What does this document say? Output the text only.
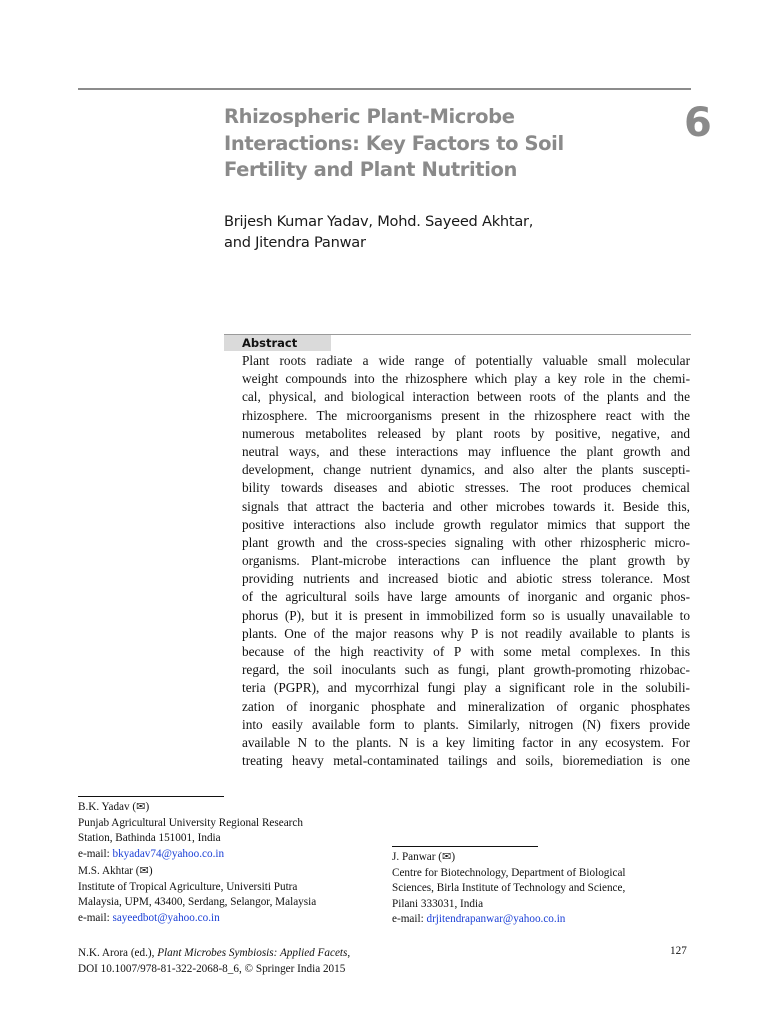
Rhizospheric Plant-Microbe
Interactions: Key Factors to Soil
Fertility and Plant Nutrition
6
Brijesh Kumar Yadav, Mohd. Sayeed Akhtar,
and Jitendra Panwar
Abstract
Plant roots radiate a wide range of potentially valuable small molecular
weight compounds into the rhizosphere which play a key role in the chemi-
cal, physical, and biological interaction between roots of the plants and the
rhizosphere. The microorganisms present in the rhizosphere react with the
numerous metabolites released by plant roots by positive, negative, and
neutral ways, and these interactions may influence the plant growth and
development, change nutrient dynamics, and also alter the plants suscepti-
bility towards diseases and abiotic stresses. The root produces chemical
signals that attract the bacteria and other microbes towards it. Beside this,
positive interactions also include growth regulator mimics that support the
plant growth and the cross-species signaling with other rhizospheric micro-
organisms. Plant-microbe interactions can influence the plant growth by
providing nutrients and increased biotic and abiotic stress tolerance. Most
of the agricultural soils have large amounts of inorganic and organic phos-
phorus (P), but it is present in immobilized form so is usually unavailable to
plants. One of the major reasons why P is not readily available to plants is
because of the high reactivity of P with some metal complexes. In this
regard, the soil inoculants such as fungi, plant growth-promoting rhizobac-
teria (PGPR), and mycorrhizal fungi play a significant role in the solubili-
zation of inorganic phosphate and mineralization of organic phosphates
into easily available form to plants. Similarly, nitrogen (N) fixers provide
available N to the plants. N is a key limiting factor in any ecosystem. For
treating heavy metal-contaminated tailings and soils, bioremediation is one

B.K. Yadav (✉)

Punjab Agricultural University Regional Research

Station, Bathinda 151001, India

e-mail: bkyadav74@yahoo.co.in

M.S. Akhtar (✉)

Institute of Tropical Agriculture, Universiti Putra

Malaysia, UPM, 43400, Serdang, Selangor, Malaysia

e-mail: sayeedbot@yahoo.co.in

J. Panwar (✉)

Centre for Biotechnology, Department of Biological

Sciences, Birla Institute of Technology and Science,

Pilani 333031, India

e-mail: drjitendrapanwar@yahoo.co.in

N.K. Arora (ed.), Plant Microbes Symbiosis: Applied Facets,
DOI 10.1007/978-81-322-2068-8_6, © Springer India 2015
127
